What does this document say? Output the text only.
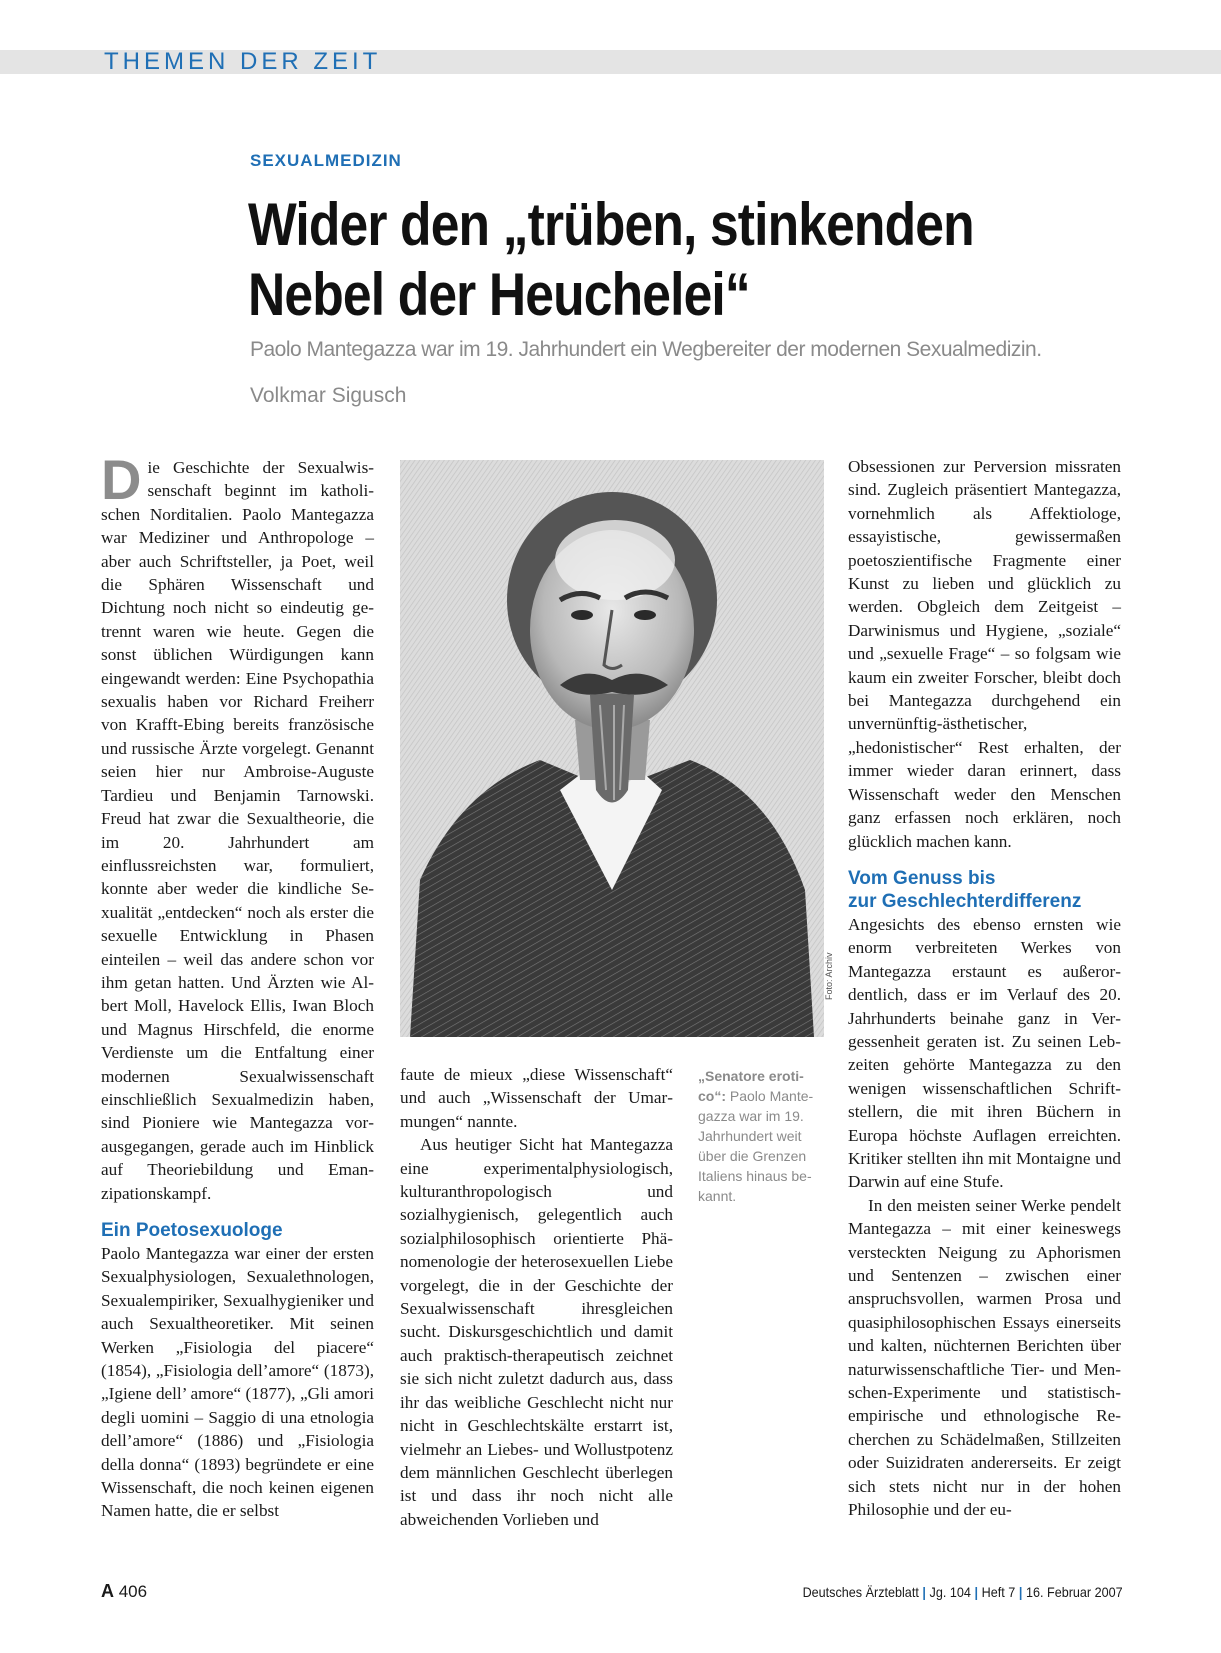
THEMEN DER ZEIT
SEXUALMEDIZIN
Wider den „trüben, stinkenden
Nebel der Heuchelei“
Paolo Mantegazza war im 19. Jahrhundert ein Wegbereiter der modernen Sexualmedizin.
Volkmar Sigusch

Die Geschichte der Sexualwissenschaft beginnt im katholischen Norditalien. Paolo Mantegazza war Mediziner und Anthropologe – aber auch Schriftsteller, ja Poet, weil die Sphären Wissenschaft und Dichtung noch nicht so eindeutig getrennt waren wie heute. Gegen die sonst üblichen Würdigungen kann eingewandt werden: Eine Psychopathia sexualis haben vor Richard Freiherr von Krafft-Ebing bereits französische und russische Ärzte vorgelegt. Genannt seien hier nur Ambroise-Auguste Tardieu und Benjamin Tarnowski. Freud hat zwar die Sexualtheorie, die im 20. Jahrhundert am einflussreichsten war, formuliert, konnte aber weder die kindliche Sexualität „entdecken“ noch als erster die sexuelle Entwicklung in Phasen einteilen – weil das andere schon vor ihm getan hatten. Und Ärzten wie Albert Moll, Havelock Ellis, Iwan Bloch und Magnus Hirschfeld, die enorme Verdienste um die Entfaltung einer modernen Sexualwissenschaft einschließlich Sexualmedizin haben, sind Pioniere wie Mantegazza vorausgegangen, gerade auch im Hinblick auf Theoriebildung und Emanzipationskampf.

Ein Poetosexuologe

Paolo Mantegazza war einer der ersten Sexualphysiologen, Sexualethnologen, Sexualempiriker, Sexualhygieniker und auch Sexualtheoretiker. Mit seinen Werken „Fisiologia del piacere“ (1854), „Fisiologia dell’amore“ (1873), „Igiene dell’ amore“ (1877), „Gli amori degli uomini – Saggio di una etnologia dell’amore“ (1886) und „Fisiologia della donna“ (1893) begründete er eine Wissenschaft, die noch keinen eigenen Namen hatte, die er selbst

Foto: Archiv

faute de mieux „diese Wissenschaft“ und auch „Wissenschaft der Umarmungen“ nannte.

Aus heutiger Sicht hat Mantegazza eine experimentalphysiologisch, kulturanthropologisch und sozialhygienisch, gelegentlich auch sozialphilosophisch orientierte Phänomenologie der heterosexuellen Liebe vorgelegt, die in der Geschichte der Sexualwissenschaft ihresgleichen sucht. Diskursgeschichtlich und damit auch praktisch-therapeutisch zeichnet sie sich nicht zuletzt dadurch aus, dass ihr das weibliche Geschlecht nicht nur nicht in Geschlechtskälte erstarrt ist, vielmehr an Liebes- und Wollustpotenz dem männlichen Geschlecht überlegen ist und dass ihr noch nicht alle abweichenden Vorlieben und

„Senatore erotico“: Paolo Mantegazza war im 19. Jahrhundert weit über die Grenzen Italiens hinaus bekannt.

Obsessionen zur Perversion missraten sind. Zugleich präsentiert Mantegazza, vornehmlich als Affektiologe, essayistische, gewissermaßen poetoszientifische Fragmente einer Kunst zu lieben und glücklich zu werden. Obgleich dem Zeitgeist – Darwinismus und Hygiene, „soziale“ und „sexuelle Frage“ – so folgsam wie kaum ein zweiter Forscher, bleibt doch bei Mantegazza durchgehend ein unvernünftig-ästhetischer, „hedonistischer“ Rest erhalten, der immer wieder daran erinnert, dass Wissenschaft weder den Menschen ganz erfassen noch erklären, noch glücklich machen kann.

Vom Genuss bis
zur Geschlechterdifferenz

Angesichts des ebenso ernsten wie enorm verbreiteten Werkes von Mantegazza erstaunt es außerordentlich, dass er im Verlauf des 20. Jahrhunderts beinahe ganz in Vergessenheit geraten ist. Zu seinen Lebzeiten gehörte Mantegazza zu den wenigen wissenschaftlichen Schriftstellern, die mit ihren Büchern in Europa höchste Auflagen erreichten. Kritiker stellten ihn mit Montaigne und Darwin auf eine Stufe.

In den meisten seiner Werke pendelt Mantegazza – mit einer keineswegs versteckten Neigung zu Aphorismen und Sentenzen – zwischen einer anspruchsvollen, warmen Prosa und quasiphilosophischen Essays einerseits und kalten, nüchternen Berichten über naturwissenschaftliche Tier- und Menschen-Experimente und statistisch-empirische und ethnologische Recherchen zu Schädelmaßen, Stillzeiten oder Suizidraten andererseits. Er zeigt sich stets nicht nur in der hohen Philosophie und der eu-

A 406	Deutsches Ärzteblatt | Jg. 104 | Heft 7 | 16. Februar 2007
